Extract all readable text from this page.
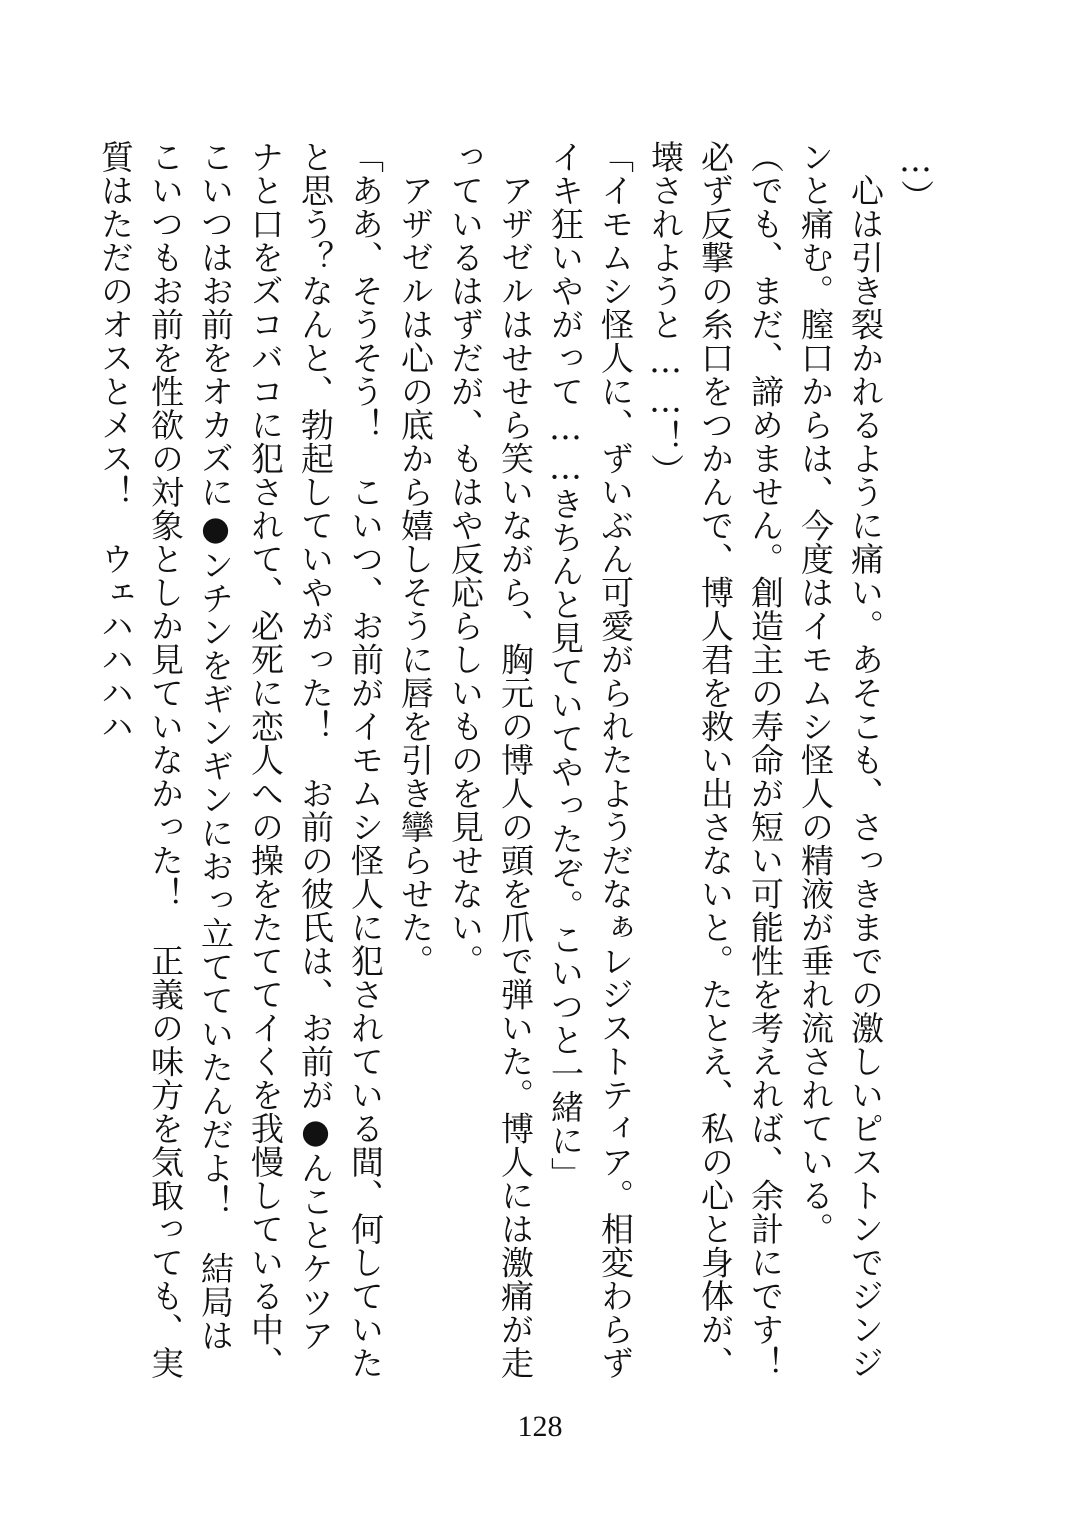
…）

　心は引き裂かれるように痛い。あそこも、さっきまでの激しいピストンでジンジンと痛む。膣口からは、今度はイモムシ怪人の精液が垂れ流されている。

（でも、まだ、諦めません。創造主の寿命が短い可能性を考えれば、余計にです！　必ず反撃の糸口をつかんで、博人君を救い出さないと。たとえ、私の心と身体が、壊されようと……！）

「イモムシ怪人に、ずいぶん可愛がられたようだなぁレジストティア。相変わらずイキ狂いやがって……きちんと見ていてやったぞ。こいつと一緒に」

　アザゼルはせせら笑いながら、胸元の博人の頭を爪で弾いた。博人には激痛が走っているはずだが、もはや反応らしいものを見せない。

　アザゼルは心の底から嬉しそうに唇を引き攣らせた。

「ああ、そうそう！　こいつ、お前がイモムシ怪人に犯されている間、何していたと思う？なんと、勃起していやがった！　お前の彼氏は、お前が●んことケツアナと口をズコバコに犯されて、必死に恋人への操をたててイくを我慢している中、こいつはお前をオカズに●ンチンをギンギンにおっ立てていたんだよ！　結局はこいつもお前を性欲の対象としか見ていなかった！　正義の味方を気取っても、実質はただのオスとメス！　ウェハハハハ

128
